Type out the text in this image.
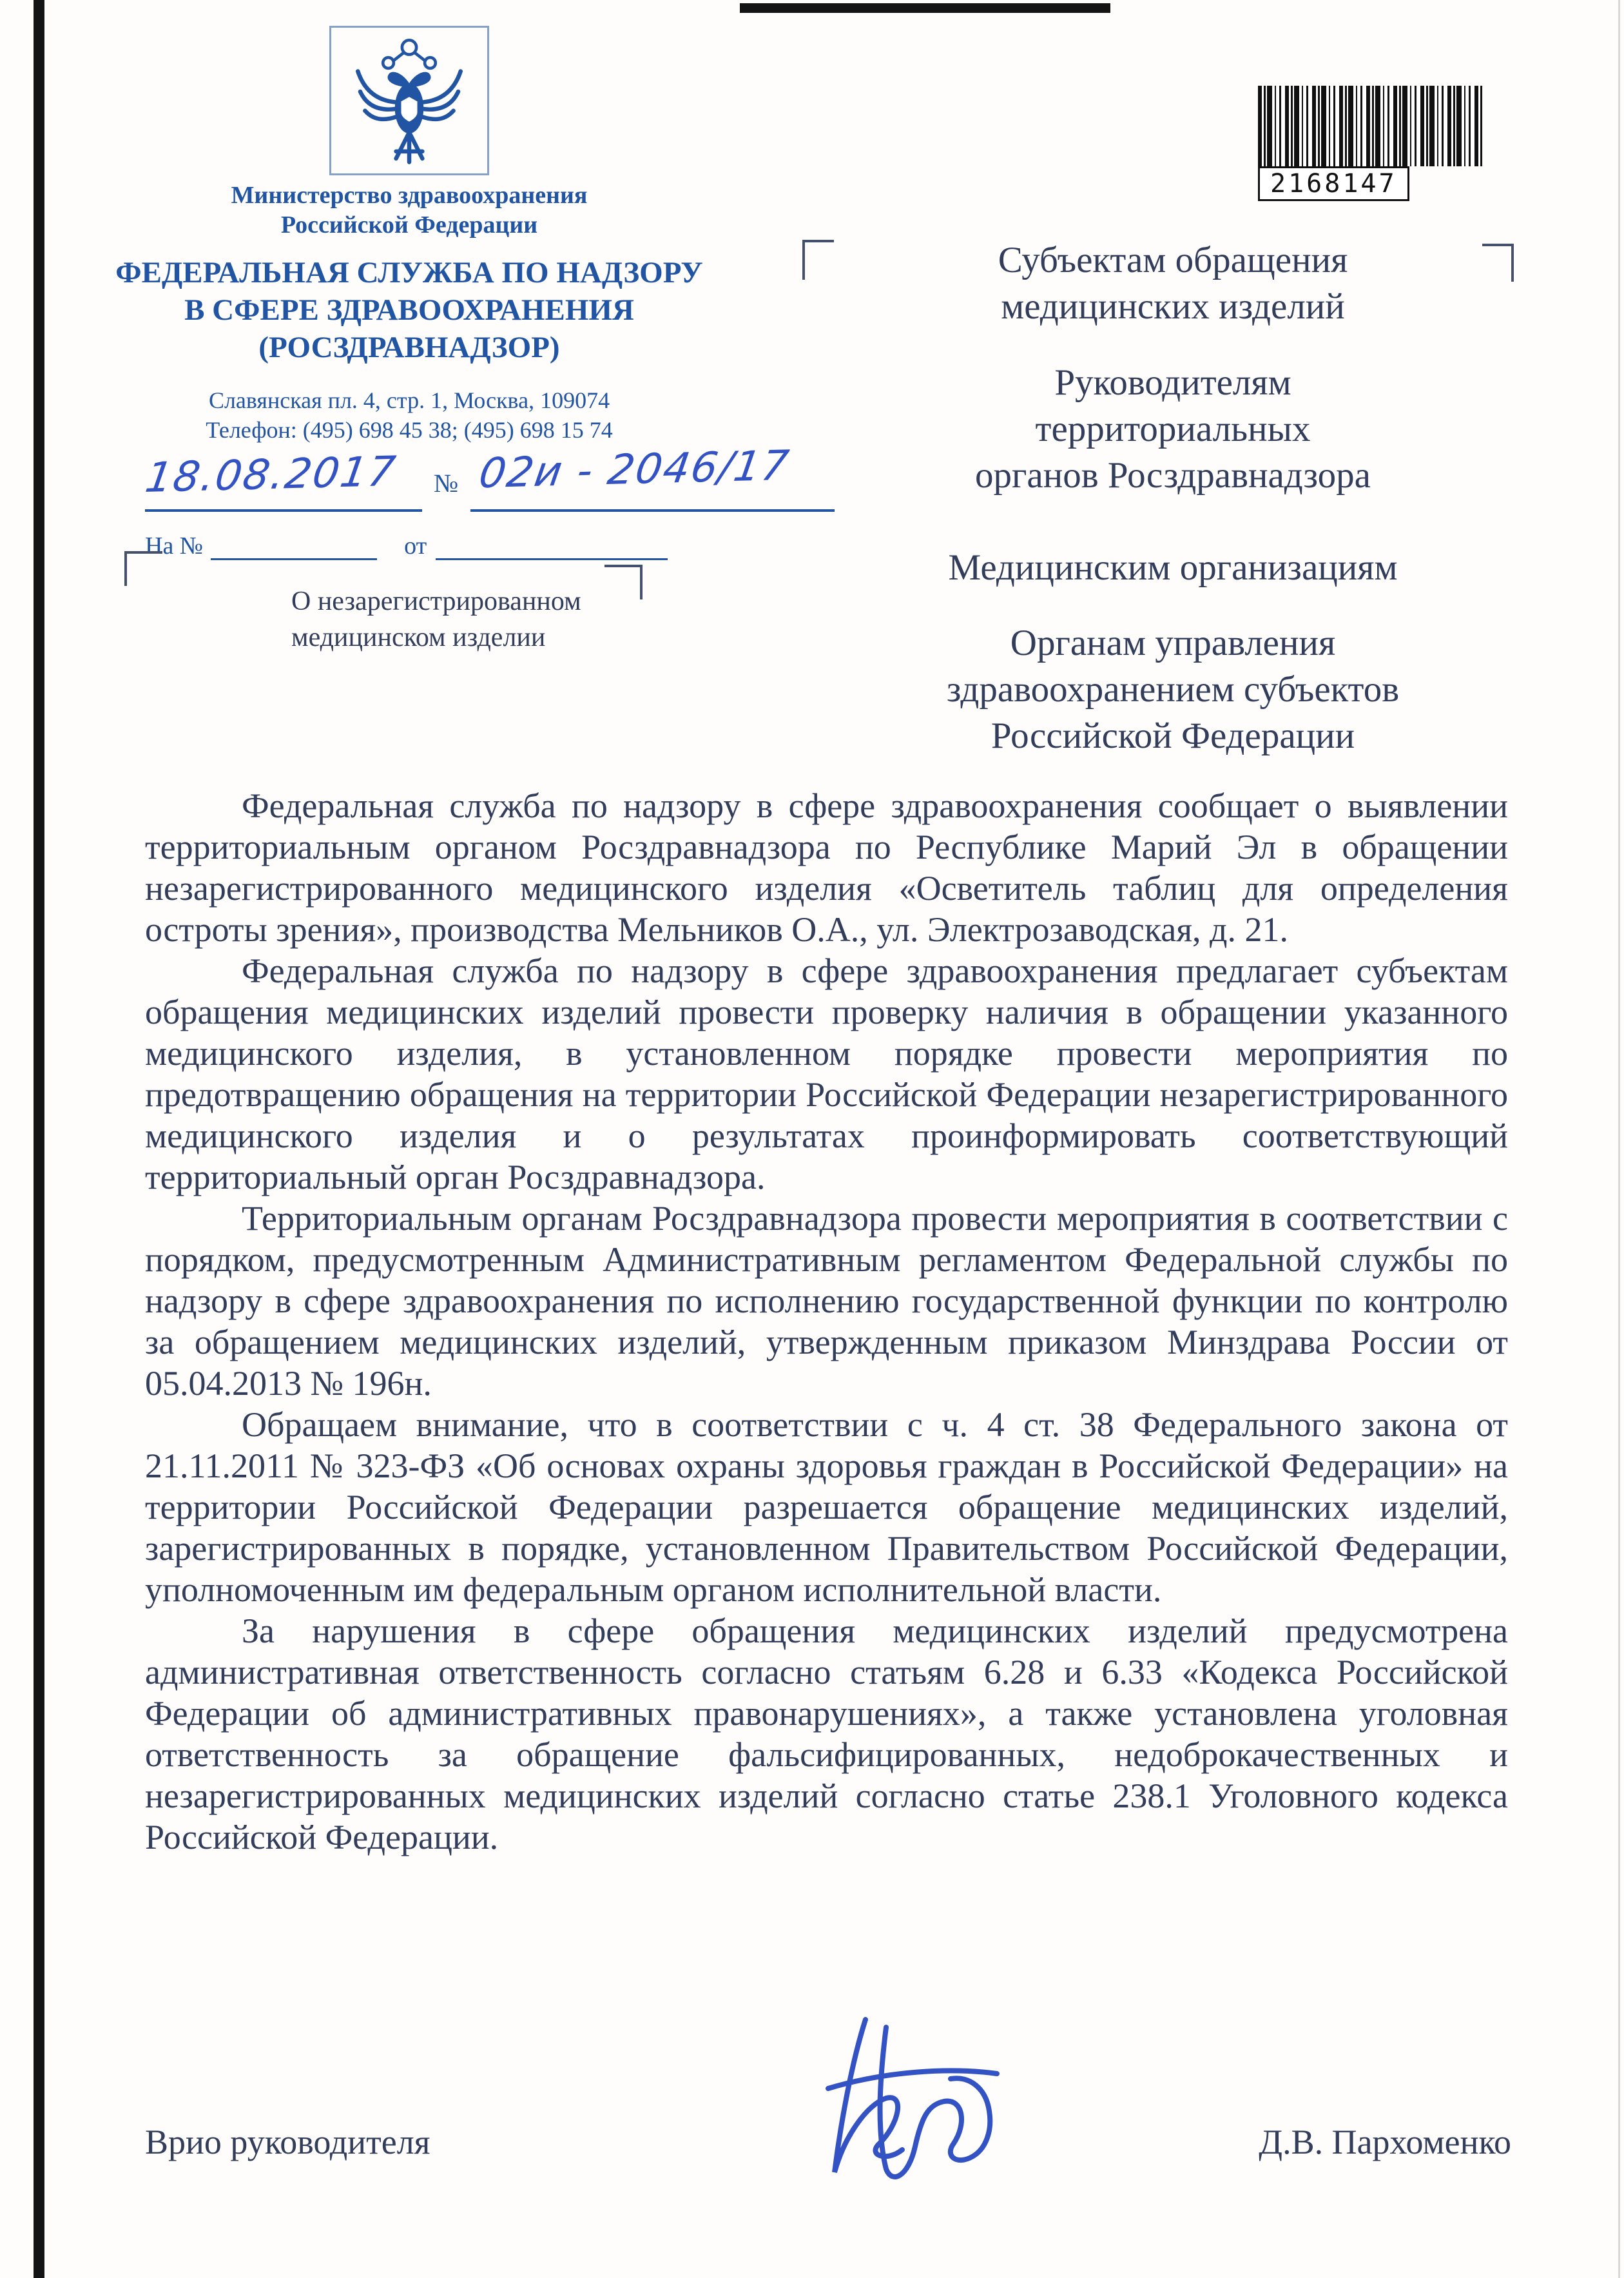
Министерство здравоохранения
Российской Федерации
ФЕДЕРАЛЬНАЯ СЛУЖБА ПО НАДЗОРУ
В СФЕРЕ ЗДРАВООХРАНЕНИЯ
(РОСЗДРАВНАДЗОР)
Славянская пл. 4, стр. 1, Москва, 109074
Телефон: (495) 698 45 38; (495) 698 15 74
18.08.2017 № 02и - 2046/17
На №	от
О незарегистрированном
медицинском изделии
2168147
Субъектам обращения
медицинских изделий
Руководителям
территориальных
органов Росздравнадзора
Медицинским организациям
Органам управления
здравоохранением субъектов
Российской Федерации

Федеральная служба по надзору в сфере здравоохранения сообщает о выявлении территориальным органом Росздравнадзора по Республике Марий Эл в обращении незарегистрированного медицинского изделия «Осветитель таблиц для определения остроты зрения», производства Мельников О.А., ул. Электрозаводская, д. 21.

Федеральная служба по надзору в сфере здравоохранения предлагает субъектам обращения медицинских изделий провести проверку наличия в обращении указанного медицинского изделия, в установленном порядке провести мероприятия по предотвращению обращения на территории Российской Федерации незарегистрированного медицинского изделия и о результатах проинформировать соответствующий территориальный орган Росздравнадзора.

Территориальным органам Росздравнадзора провести мероприятия в соответствии с порядком, предусмотренным Административным регламентом Федеральной службы по надзору в сфере здравоохранения по исполнению государственной функции по контролю за обращением медицинских изделий, утвержденным приказом Минздрава России от 05.04.2013 № 196н.

Обращаем внимание, что в соответствии с ч. 4 ст. 38 Федерального закона от 21.11.2011 № 323-ФЗ «Об основах охраны здоровья граждан в Российской Федерации» на территории Российской Федерации разрешается обращение медицинских изделий, зарегистрированных в порядке, установленном Правительством Российской Федерации, уполномоченным им федеральным органом исполнительной власти.

За нарушения в сфере обращения медицинских изделий предусмотрена административная ответственность согласно статьям 6.28 и 6.33 «Кодекса Российской Федерации об административных правонарушениях», а также установлена уголовная ответственность за обращение фальсифицированных, недоброкачественных и незарегистрированных медицинских изделий согласно статье 238.1 Уголовного кодекса Российской Федерации.

Врио руководителя	Д.В. Пархоменко
